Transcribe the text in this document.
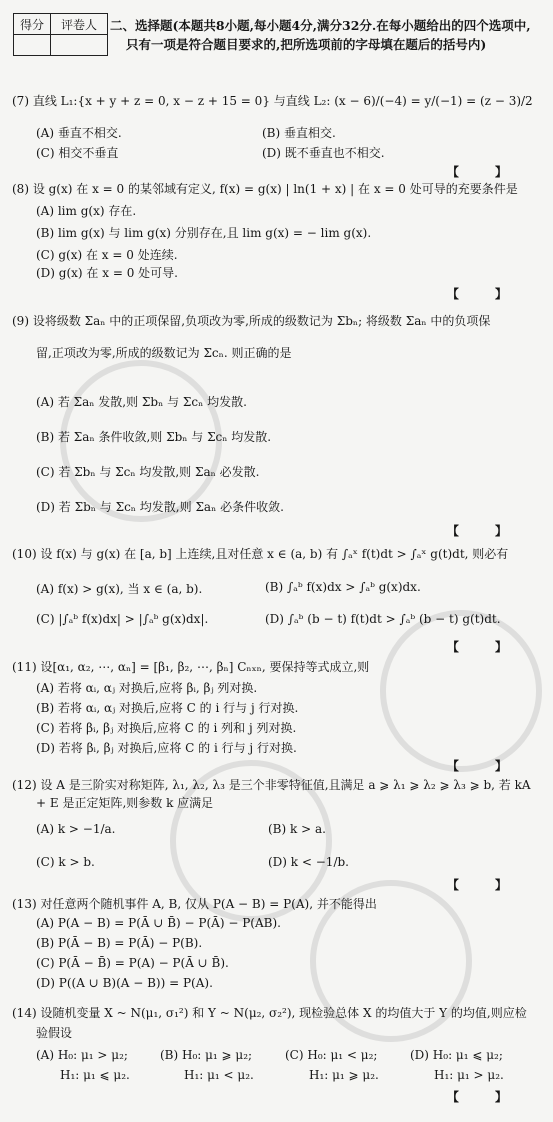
得分	评卷人
	二、选择题(本题共8小题,每小题4分,满分32分.在每小题给出的四个选项中,
只有一项是符合题目要求的,把所选项前的字母填在题后的括号内)
(7) 直线 L₁:{x + y + z = 0, x − z + 15 = 0} 与直线 L₂: (x − 6)/(−4) = y/(−1) = (z − 3)/2
(A) 垂直不相交.	(B) 垂直相交.
(C) 相交不垂直	(D) 既不垂直也不相交.
【 】
(8) 设 g(x) 在 x = 0 的某邻域有定义, f(x) = g(x) | ln(1 + x) | 在 x = 0 处可导的充要条件是
(A) lim g(x) 存在.
(B) lim g(x) 与 lim g(x) 分别存在,且 lim g(x) = − lim g(x).
(C) g(x) 在 x = 0 处连续.
(D) g(x) 在 x = 0 处可导.
【 】
(9) 设将级数 Σaₙ 中的正项保留,负项改为零,所成的级数记为 Σbₙ; 将级数 Σaₙ 中的负项保
留,正项改为零,所成的级数记为 Σcₙ. 则正确的是
(A) 若 Σaₙ 发散,则 Σbₙ 与 Σcₙ 均发散.
(B) 若 Σaₙ 条件收敛,则 Σbₙ 与 Σcₙ 均发散.
(C) 若 Σbₙ 与 Σcₙ 均发散,则 Σaₙ 必发散.
(D) 若 Σbₙ 与 Σcₙ 均发散,则 Σaₙ 必条件收敛.
【 】
(10) 设 f(x) 与 g(x) 在 [a, b] 上连续,且对任意 x ∈ (a, b) 有 ∫ₐˣ f(t)dt > ∫ₐˣ g(t)dt, 则必有
(A) f(x) > g(x), 当 x ∈ (a, b).	(B) ∫ₐᵇ f(x)dx > ∫ₐᵇ g(x)dx.
(C) |∫ₐᵇ f(x)dx| > |∫ₐᵇ g(x)dx|.	(D) ∫ₐᵇ (b − t) f(t)dt > ∫ₐᵇ (b − t) g(t)dt.
【 】
(11) 设[α₁, α₂, ⋯, αₙ] = [β₁, β₂, ⋯, βₙ] Cₙₓₙ, 要保持等式成立,则
(A) 若将 αᵢ, αⱼ 对换后,应将 βᵢ, βⱼ 列对换.
(B) 若将 αᵢ, αⱼ 对换后,应将 C 的 i 行与 j 行对换.
(C) 若将 βᵢ, βⱼ 对换后,应将 C 的 i 列和 j 列对换.
(D) 若将 βᵢ, βⱼ 对换后,应将 C 的 i 行与 j 行对换.
【 】
(12) 设 A 是三阶实对称矩阵, λ₁, λ₂, λ₃ 是三个非零特征值,且满足 a ⩾ λ₁ ⩾ λ₂ ⩾ λ₃ ⩾ b, 若 kA
+ E 是正定矩阵,则参数 k 应满足
(A) k > −1/a.	(B) k > a.
(C) k > b.	(D) k < −1/b.
【 】
(13) 对任意两个随机事件 A, B, 仅从 P(A − B) = P(A), 并不能得出
(A) P(A − B) = P(Ā ∪ B̄) − P(Ā) − P(AB).
(B) P(Ā − B) = P(Ā) − P(B).
(C) P(Ā − B̄) = P(A) − P(Ā ∪ B̄).
(D) P((A ∪ B)(A − B)) = P(A).
(14) 设随机变量 X ~ N(μ₁, σ₁²) 和 Y ~ N(μ₂, σ₂²), 现检验总体 X 的均值大于 Y 的均值,则应检
验假设
(A) H₀: μ₁ > μ₂;	(B) H₀: μ₁ ⩾ μ₂;	(C) H₀: μ₁ < μ₂;	(D) H₀: μ₁ ⩽ μ₂;
H₁: μ₁ ⩽ μ₂.	H₁: μ₁ < μ₂.	H₁: μ₁ ⩾ μ₂.	H₁: μ₁ > μ₂.
【 】
